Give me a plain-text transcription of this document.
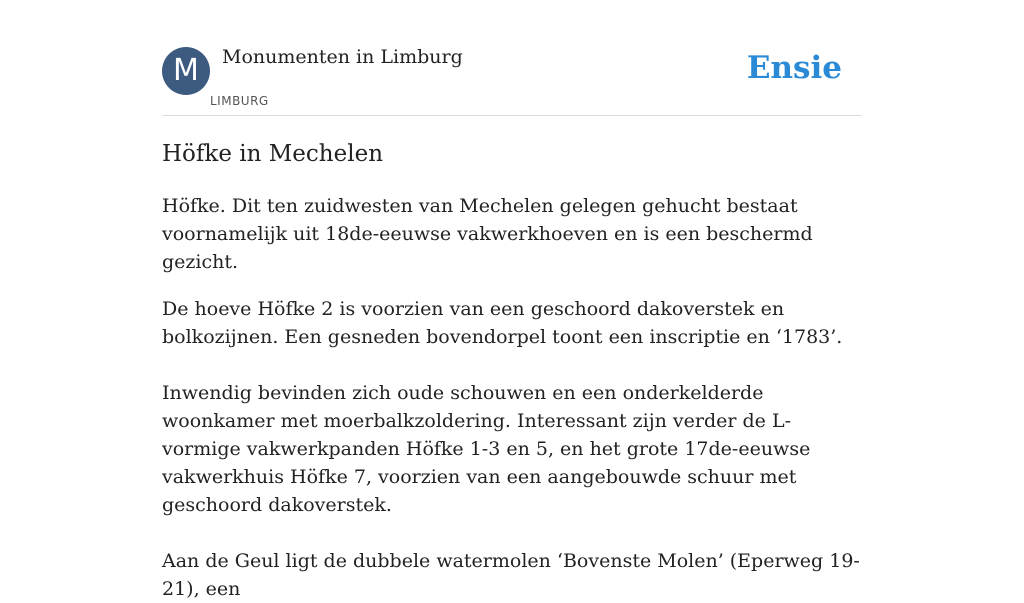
M	Monumenten in Limburg
LIMBURG
Ensie
Höfke in Mechelen

Höfke. Dit ten zuidwesten van Mechelen gelegen gehucht bestaat voornamelijk uit 18de-eeuwse vakwerkhoeven en is een beschermd gezicht.

De hoeve Höfke 2 is voorzien van een geschoord dakoverstek en bolkozijnen. Een gesneden bovendorpel toont een inscriptie en ‘1783’.

Inwendig bevinden zich oude schouwen en een onderkelderde woonkamer met moerbalkzoldering. Interessant zijn verder de L-vormige vakwerkpanden Höfke 1-3 en 5, en het grote 17de-eeuwse vakwerkhuis Höfke 7, voorzien van een aangebouwde schuur met geschoord dakoverstek.

Aan de Geul ligt de dubbele watermolen ‘Bovenste Molen’ (Eperweg 19-21), een
